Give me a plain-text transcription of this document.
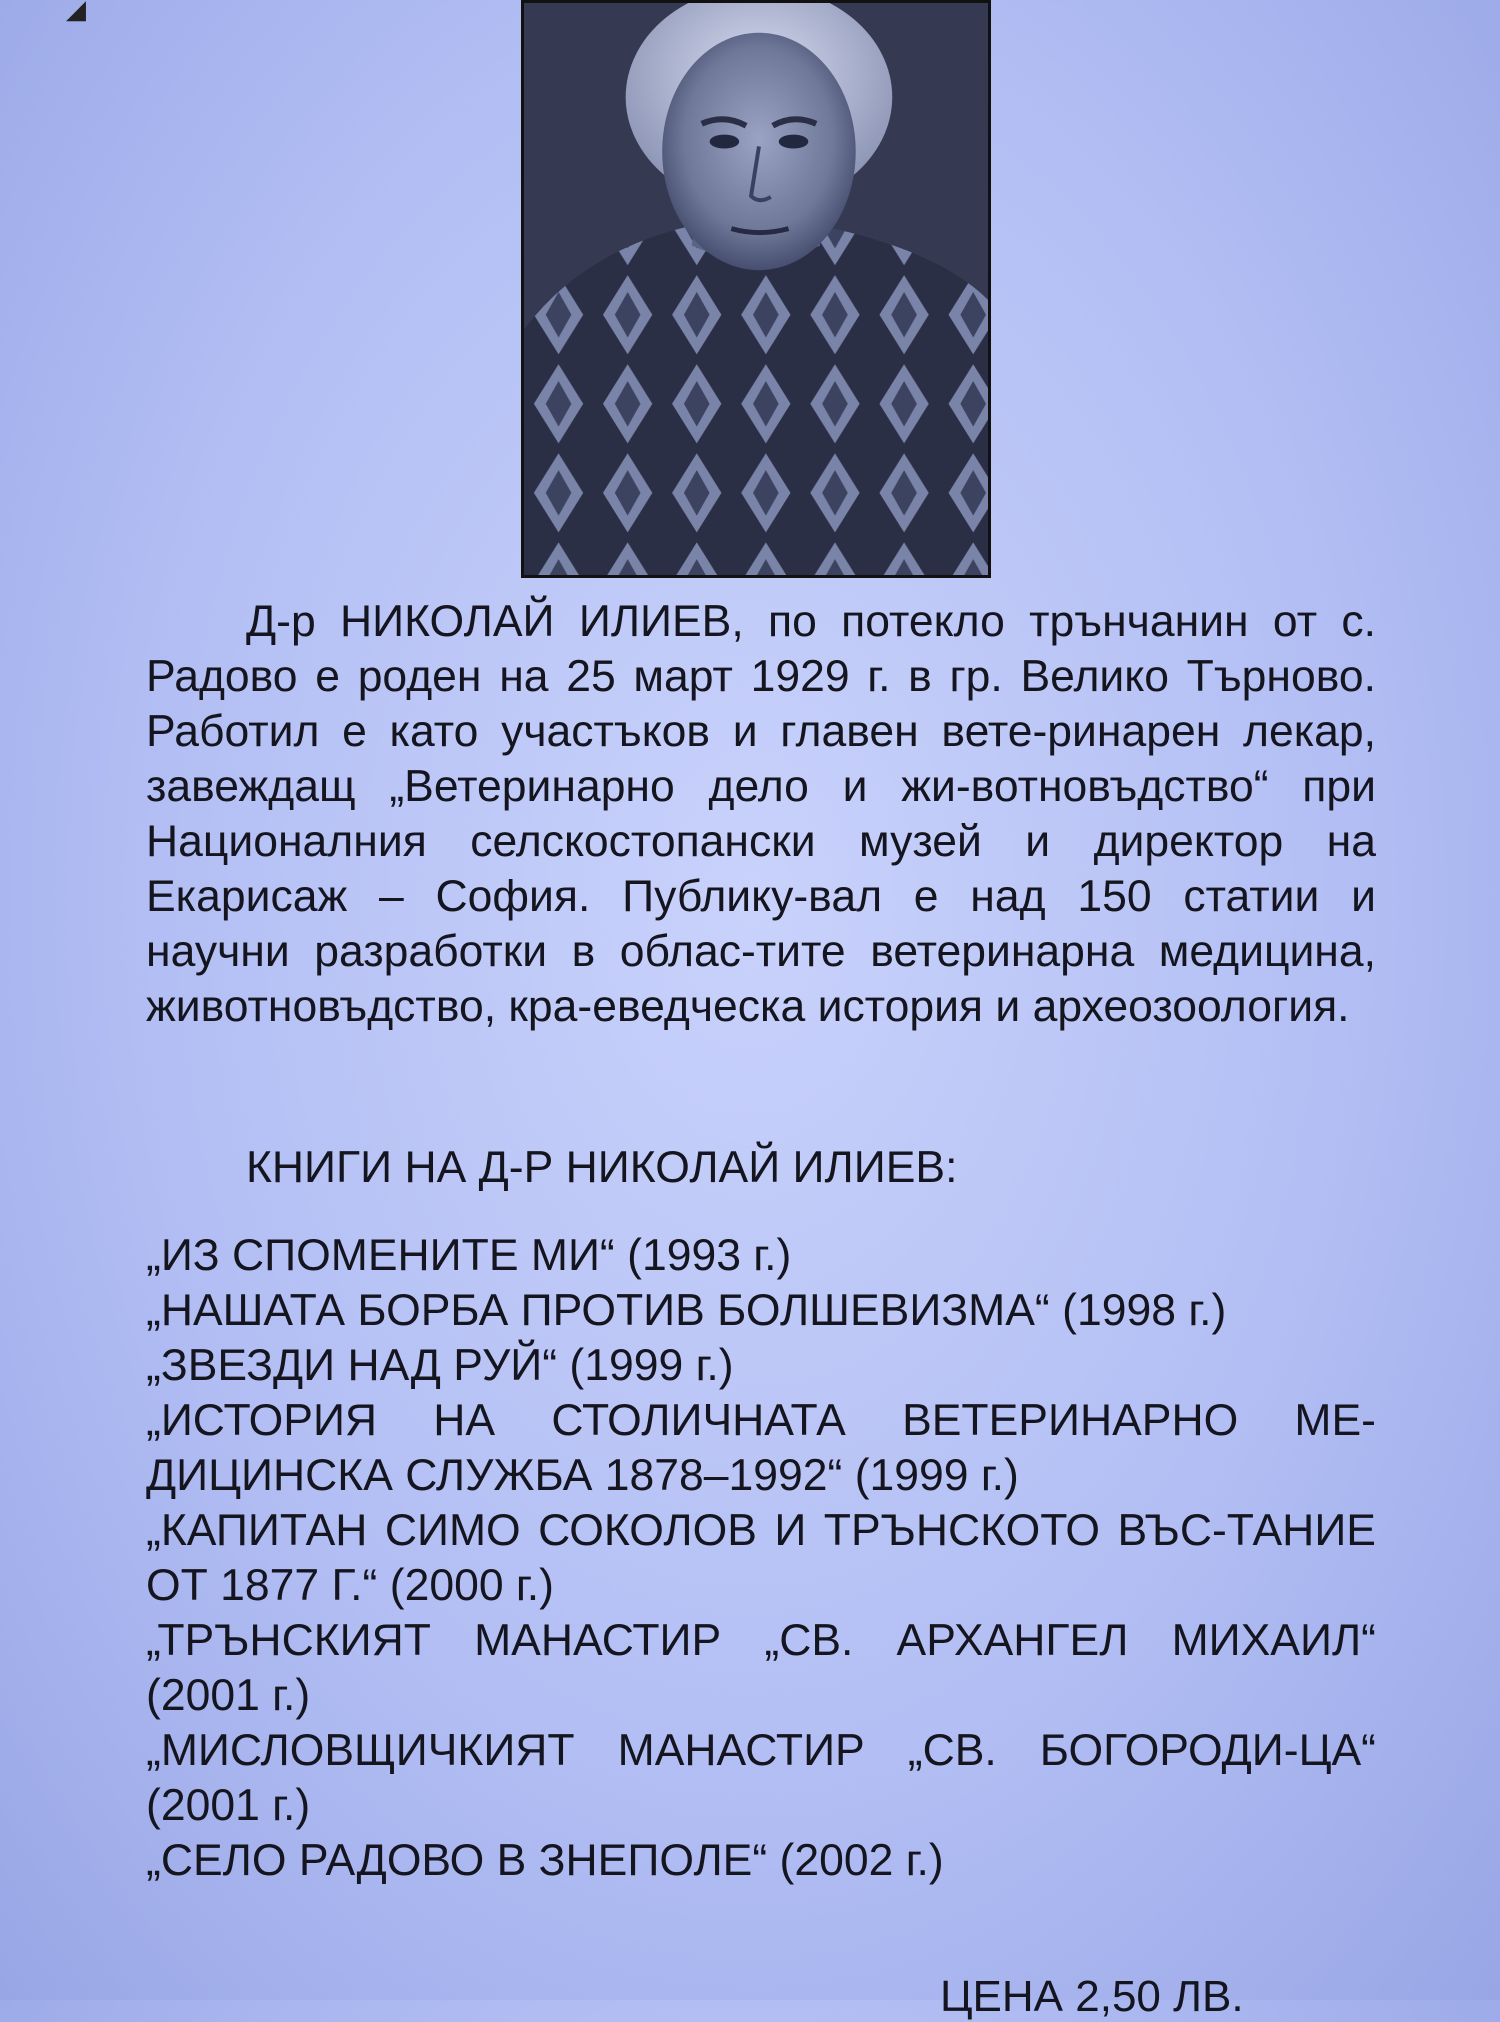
◢

Д-р НИКОЛАЙ ИЛИЕВ, по потекло трънчанин от с. Радово е роден на 25 март 1929 г. в гр. Велико Търново. Работил е като участъков и главен вете-ринарен лекар, завеждащ „Ветеринарно дело и жи-вотновъдство“ при Националния селскостопански музей и директор на Екарисаж – София. Публику-вал е над 150 статии и научни разработки в облас-тите ветеринарна медицина, животновъдство, кра-еведческа история и археозоология.

КНИГИ НА Д-Р НИКОЛАЙ ИЛИЕВ:
„ИЗ СПОМЕНИТЕ МИ“ (1993 г.)
„НАШАТА БОРБА ПРОТИВ БОЛШЕВИЗМА“ (1998 г.)
„ЗВЕЗДИ НАД РУЙ“ (1999 г.)
„ИСТОРИЯ НА СТОЛИЧНАТА ВЕТЕРИНАРНО МЕ-ДИЦИНСКА СЛУЖБА 1878–1992“ (1999 г.)
„КАПИТАН СИМО СОКОЛОВ И ТРЪНСКОТО ВЪС-ТАНИЕ ОТ 1877 Г.“ (2000 г.)
„ТРЪНСКИЯТ МАНАСТИР „СВ. АРХАНГЕЛ МИХАИЛ“ (2001 г.)
„МИСЛОВЩИЧКИЯТ МАНАСТИР „СВ. БОГОРОДИ-ЦА“ (2001 г.)
„СЕЛО РАДОВО В ЗНЕПОЛЕ“ (2002 г.)
ЦЕНА 2,50 ЛВ.
